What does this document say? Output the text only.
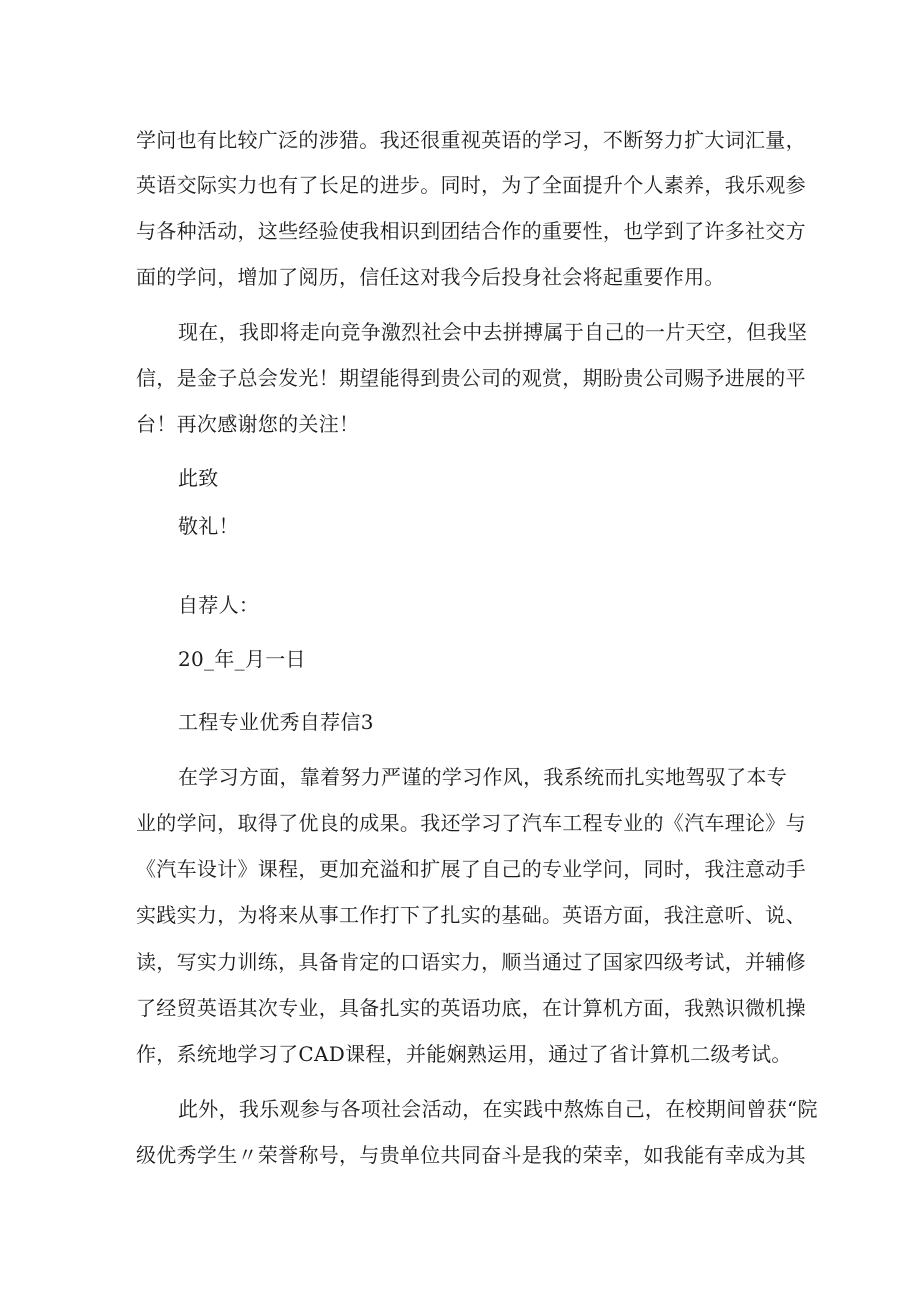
学问也有比较广泛的涉猎。我还很重视英语的学习，不断努力扩大词汇量，
英语交际实力也有了长足的进步。同时，为了全面提升个人素养，我乐观参
与各种活动，这些经验使我相识到团结合作的重要性，也学到了许多社交方
面的学问，增加了阅历，信任这对我今后投身社会将起重要作用。
现在，我即将走向竞争激烈社会中去拼搏属于自己的一片天空，但我坚
信，是金子总会发光！期望能得到贵公司的观赏，期盼贵公司赐予进展的平
台！再次感谢您的关注！
此致
敬礼！
自荐人：
20_年_月一日
工程专业优秀自荐信3
在学习方面，靠着努力严谨的学习作风，我系统而扎实地驾驭了本专
业的学问，取得了优良的成果。我还学习了汽车工程专业的《汽车理论》与
《汽车设计》课程，更加充溢和扩展了自己的专业学问，同时，我注意动手
实践实力，为将来从事工作打下了扎实的基础。英语方面，我注意听、说、
读，写实力训练，具备肯定的口语实力，顺当通过了国家四级考试，并辅修
了经贸英语其次专业，具备扎实的英语功底，在计算机方面，我熟识微机操
作，系统地学习了CAD课程，并能娴熟运用，通过了省计算机二级考试。
此外，我乐观参与各项社会活动，在实践中熬炼自己，在校期间曾获“院
级优秀学生〃荣誉称号，与贵单位共同奋斗是我的荣幸，如我能有幸成为其
